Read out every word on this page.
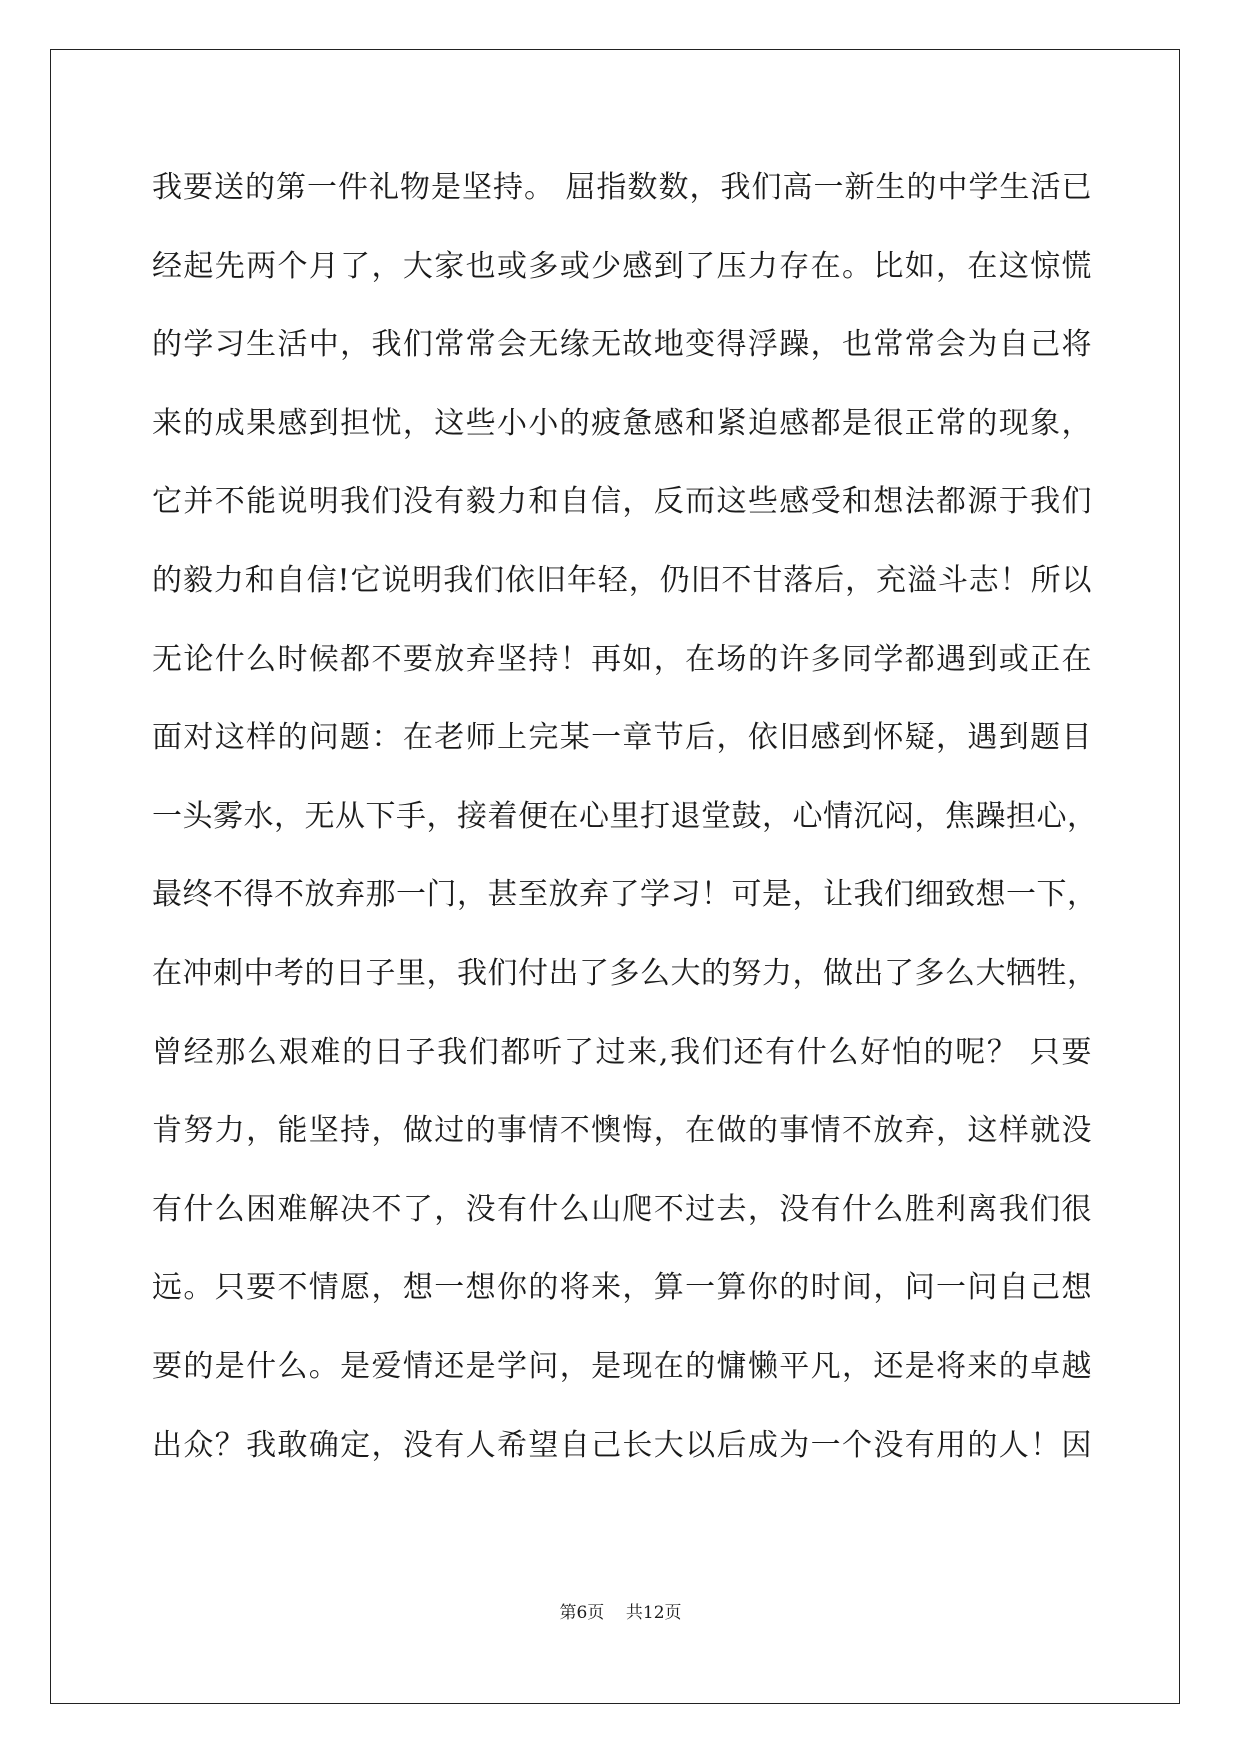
我要送的第一件礼物是坚持。 屈指数数，我们高一新生的中学生活已
经起先两个月了，大家也或多或少感到了压力存在。比如，在这惊慌
的学习生活中，我们常常会无缘无故地变得浮躁，也常常会为自己将
来的成果感到担忧，这些小小的疲惫感和紧迫感都是很正常的现象，
它并不能说明我们没有毅力和自信，反而这些感受和想法都源于我们
的毅力和自信!它说明我们依旧年轻，仍旧不甘落后，充溢斗志！所以
无论什么时候都不要放弃坚持！再如，在场的许多同学都遇到或正在
面对这样的问题：在老师上完某一章节后，依旧感到怀疑，遇到题目
一头雾水，无从下手，接着便在心里打退堂鼓，心情沉闷，焦躁担心，
最终不得不放弃那一门，甚至放弃了学习！可是，让我们细致想一下，
在冲刺中考的日子里，我们付出了多么大的努力，做出了多么大牺牲，
曾经那么艰难的日子我们都听了过来,我们还有什么好怕的呢？ 只要
肯努力，能坚持，做过的事情不懊悔，在做的事情不放弃，这样就没
有什么困难解决不了，没有什么山爬不过去，没有什么胜利离我们很
远。只要不情愿，想一想你的将来，算一算你的时间，问一问自己想
要的是什么。是爱情还是学问，是现在的慵懒平凡，还是将来的卓越
出众？我敢确定，没有人希望自己长大以后成为一个没有用的人！因
第6页 共12页
